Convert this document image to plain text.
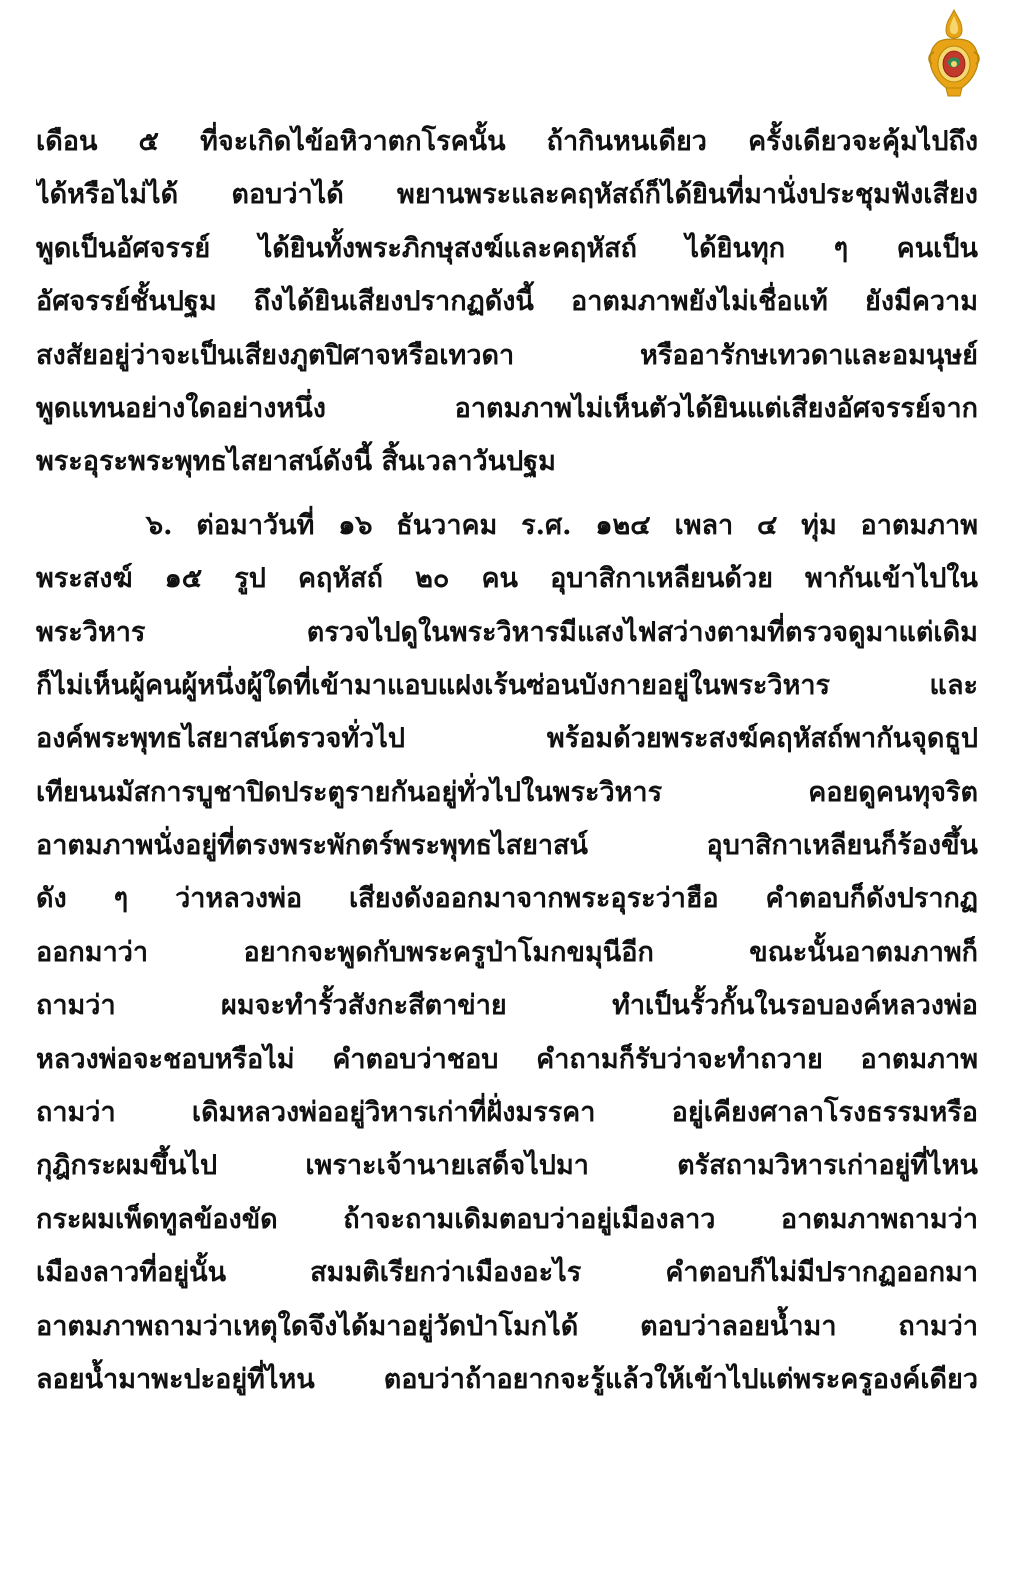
เดือน ๕ ที่จะเกิดไข้อหิวาตกโรคนั้น ถ้ากินหนเดียว ครั้งเดียวจะคุ้มไปถึง
ได้หรือไม่ได้ ตอบว่าได้ พยานพระและคฤหัสถ์ก็ได้ยินที่มานั่งประชุมฟังเสียง
พูดเป็นอัศจรรย์ ได้ยินทั้งพระภิกษุสงฆ์และคฤหัสถ์ ได้ยินทุก ๆ คนเป็น
อัศจรรย์ชั้นปฐม ถึงได้ยินเสียงปรากฏดังนี้ อาตมภาพยังไม่เชื่อแท้ ยังมีความ
สงสัยอยู่ว่าจะเป็นเสียงภูตปิศาจหรือเทวดา หรืออารักษเทวดาและอมนุษย์
พูดแทนอย่างใดอย่างหนึ่ง อาตมภาพไม่เห็นตัวได้ยินแต่เสียงอัศจรรย์จาก
พระอุระพระพุทธไสยาสน์ดังนี้ สิ้นเวลาวันปฐม
๖. ต่อมาวันที่ ๑๖ ธันวาคม ร.ศ. ๑๒๔ เพลา ๔ ทุ่ม อาตมภาพ
พระสงฆ์ ๑๕ รูป คฤหัสถ์ ๒๐ คน อุบาสิกาเหลียนด้วย พากันเข้าไปใน
พระวิหาร ตรวจไปดูในพระวิหารมีแสงไฟสว่างตามที่ตรวจดูมาแต่เดิม
ก็ไม่เห็นผู้คนผู้หนึ่งผู้ใดที่เข้ามาแอบแฝงเร้นซ่อนบังกายอยู่ในพระวิหาร และ
องค์พระพุทธไสยาสน์ตรวจทั่วไป พร้อมด้วยพระสงฆ์คฤหัสถ์พากันจุดธูป
เทียนนมัสการบูชาปิดประตูรายกันอยู่ทั่วไปในพระวิหาร คอยดูคนทุจริต
อาตมภาพนั่งอยู่ที่ตรงพระพักตร์พระพุทธไสยาสน์ อุบาสิกาเหลียนก็ร้องขึ้น
ดัง ๆ ว่าหลวงพ่อ เสียงดังออกมาจากพระอุระว่าฮือ คำตอบก็ดังปรากฏ
ออกมาว่า อยากจะพูดกับพระครูป่าโมกขมุนีอีก ขณะนั้นอาตมภาพก็
ถามว่า ผมจะทำรั้วสังกะสีตาข่าย ทำเป็นรั้วกั้นในรอบองค์หลวงพ่อ
หลวงพ่อจะชอบหรือไม่ คำตอบว่าชอบ คำถามก็รับว่าจะทำถวาย อาตมภาพ
ถามว่า เดิมหลวงพ่ออยู่วิหารเก่าที่ฝั่งมรรคา อยู่เคียงศาลาโรงธรรมหรือ
กุฎิกระผมขึ้นไป เพราะเจ้านายเสด็จไปมา ตรัสถามวิหารเก่าอยู่ที่ไหน
กระผมเพ็ดทูลข้องขัด ถ้าจะถามเดิมตอบว่าอยู่เมืองลาว อาตมภาพถามว่า
เมืองลาวที่อยู่นั้น สมมติเรียกว่าเมืองอะไร คำตอบก็ไม่มีปรากฏออกมา
อาตมภาพถามว่าเหตุใดจึงได้มาอยู่วัดป่าโมกได้ ตอบว่าลอยน้ำมา ถามว่า
ลอยน้ำมาพะปะอยู่ที่ไหน ตอบว่าถ้าอยากจะรู้แล้วให้เข้าไปแต่พระครูองค์เดียว
